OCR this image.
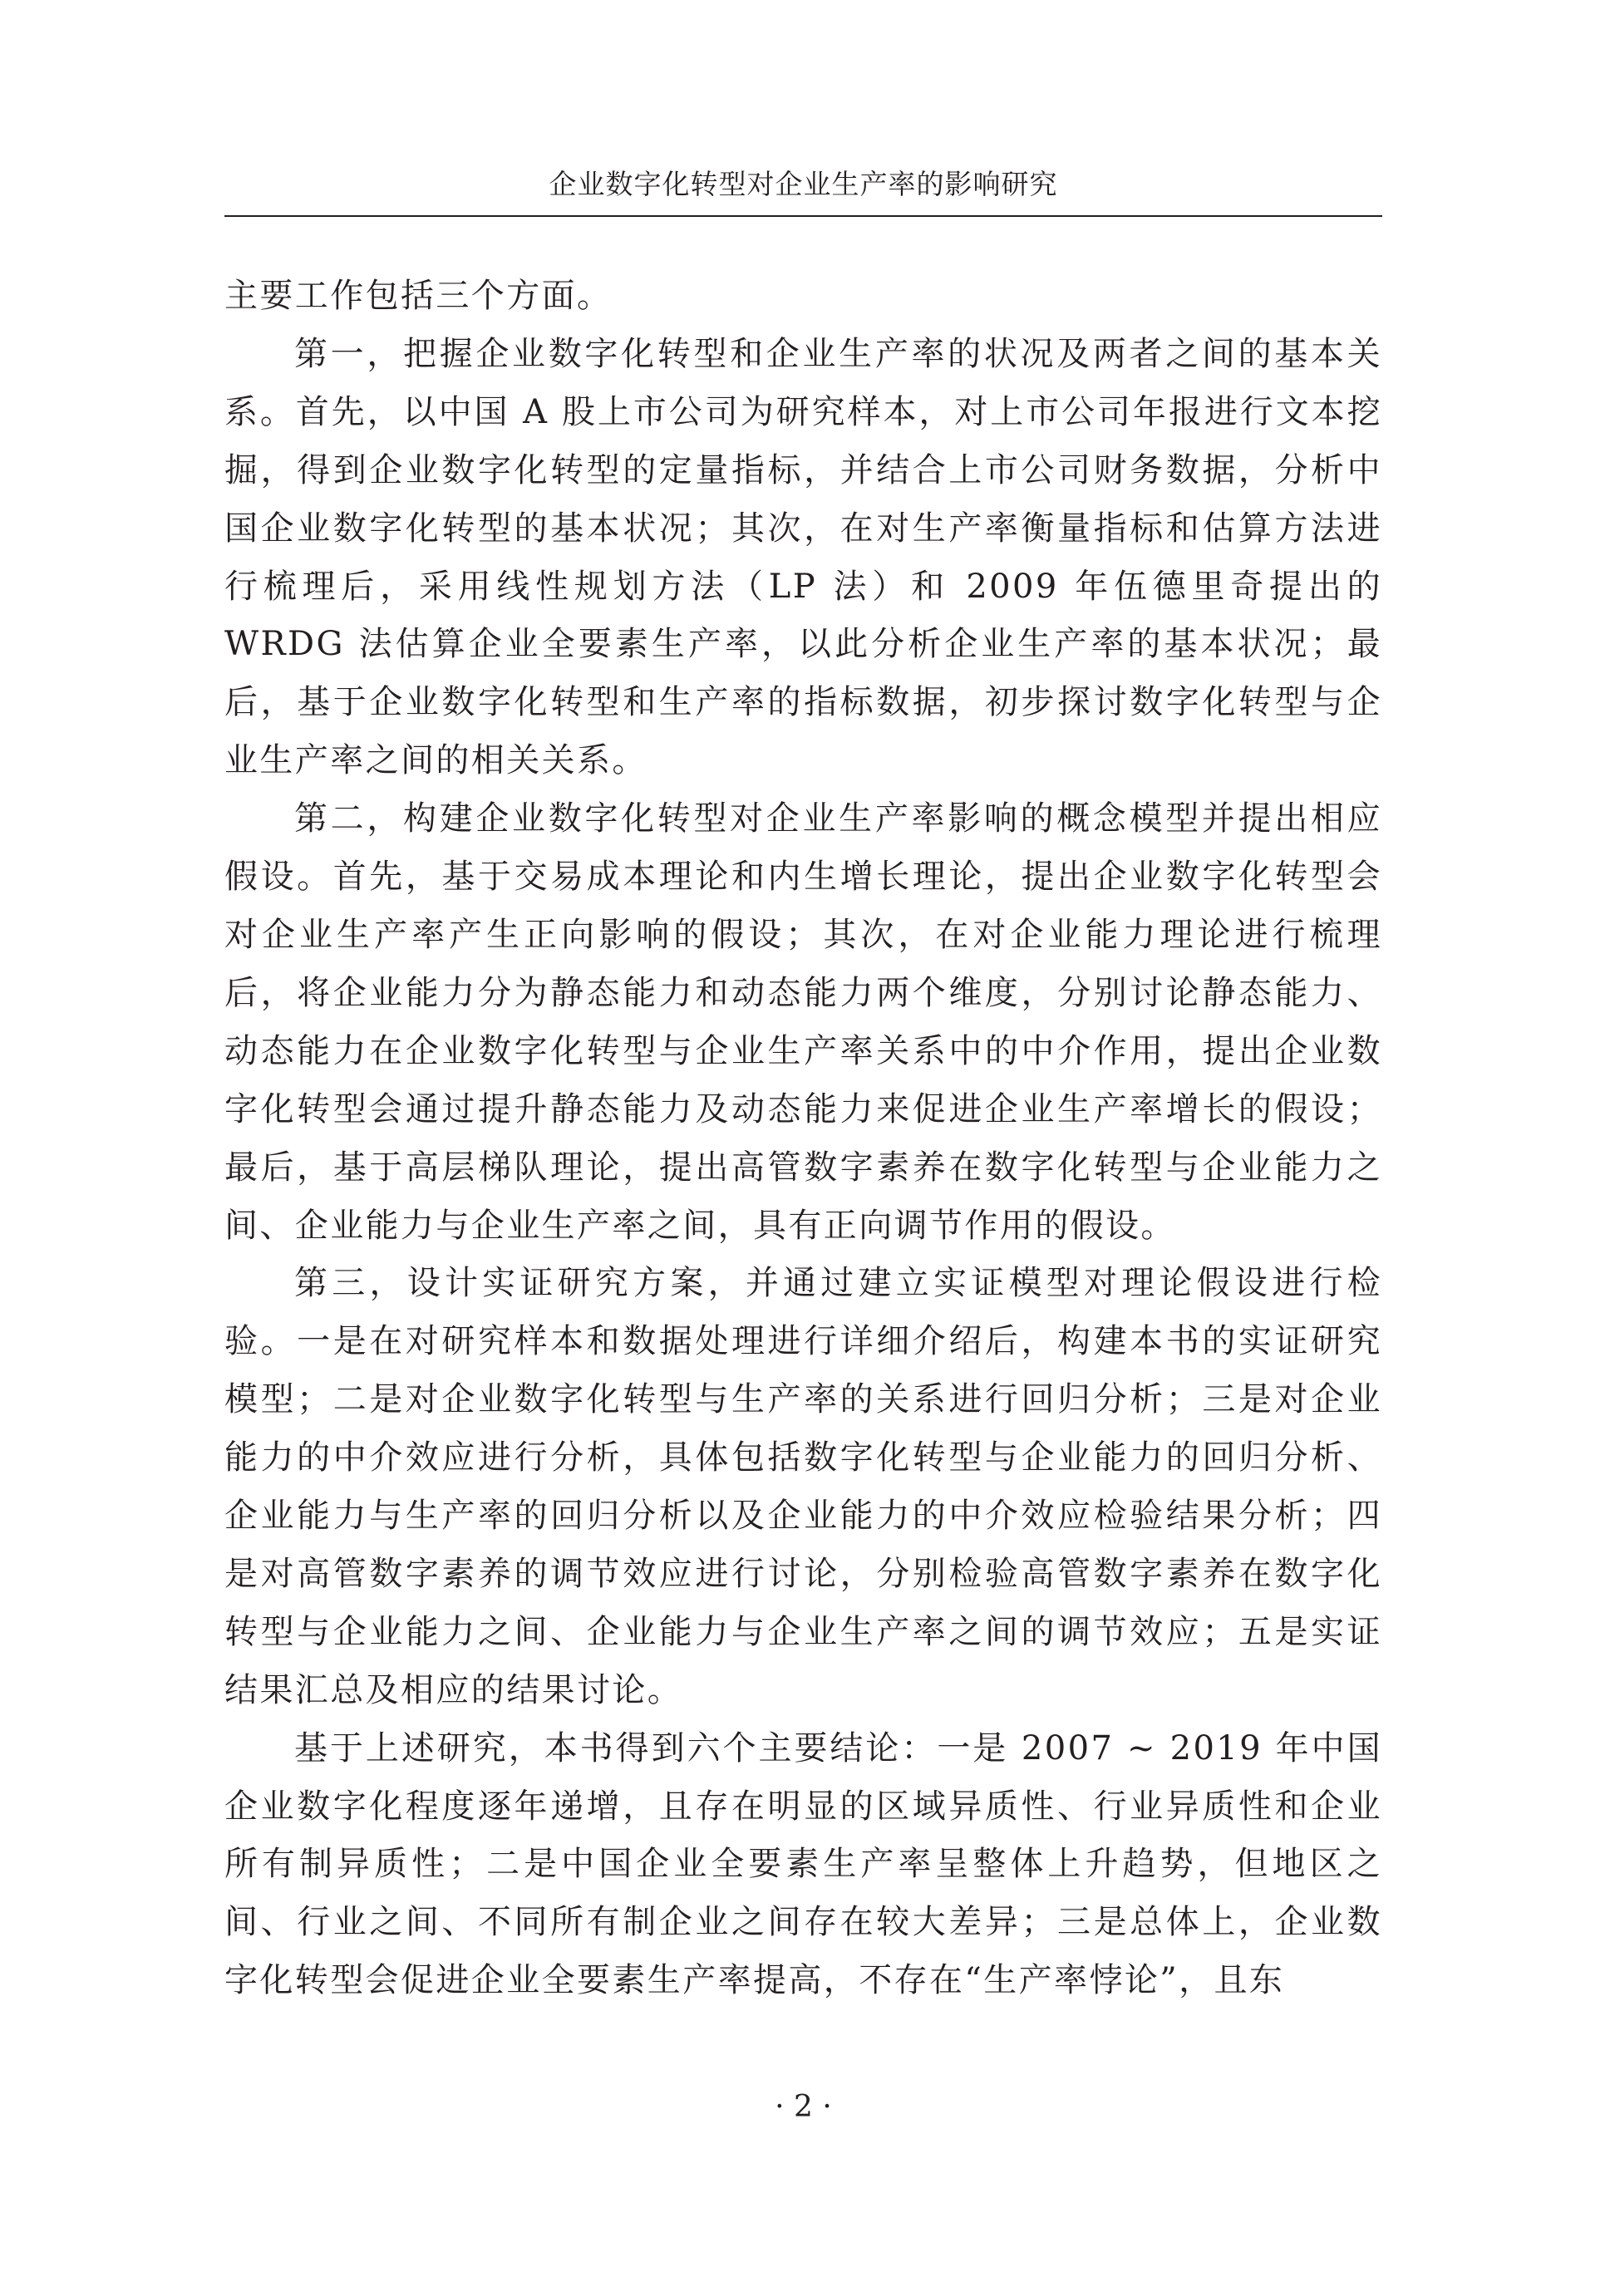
企业数字化转型对企业生产率的影响研究

主要工作包括三个方面。

第一，把握企业数字化转型和企业生产率的状况及两者之间的基本关系。首先，以中国 A 股上市公司为研究样本，对上市公司年报进行文本挖掘，得到企业数字化转型的定量指标，并结合上市公司财务数据，分析中国企业数字化转型的基本状况；其次，在对生产率衡量指标和估算方法进行梳理后，采用线性规划方法（LP 法）和 2009 年伍德里奇提出的 WRDG 法估算企业全要素生产率，以此分析企业生产率的基本状况；最后，基于企业数字化转型和生产率的指标数据，初步探讨数字化转型与企业生产率之间的相关关系。

第二，构建企业数字化转型对企业生产率影响的概念模型并提出相应假设。首先，基于交易成本理论和内生增长理论，提出企业数字化转型会对企业生产率产生正向影响的假设；其次，在对企业能力理论进行梳理后，将企业能力分为静态能力和动态能力两个维度，分别讨论静态能力、动态能力在企业数字化转型与企业生产率关系中的中介作用，提出企业数字化转型会通过提升静态能力及动态能力来促进企业生产率增长的假设；最后，基于高层梯队理论，提出高管数字素养在数字化转型与企业能力之间、企业能力与企业生产率之间，具有正向调节作用的假设。

第三，设计实证研究方案，并通过建立实证模型对理论假设进行检验。一是在对研究样本和数据处理进行详细介绍后，构建本书的实证研究模型；二是对企业数字化转型与生产率的关系进行回归分析；三是对企业能力的中介效应进行分析，具体包括数字化转型与企业能力的回归分析、企业能力与生产率的回归分析以及企业能力的中介效应检验结果分析；四是对高管数字素养的调节效应进行讨论，分别检验高管数字素养在数字化转型与企业能力之间、企业能力与企业生产率之间的调节效应；五是实证结果汇总及相应的结果讨论。

基于上述研究，本书得到六个主要结论：一是 2007 ~ 2019 年中国企业数字化程度逐年递增，且存在明显的区域异质性、行业异质性和企业所有制异质性；二是中国企业全要素生产率呈整体上升趋势，但地区之间、行业之间、不同所有制企业之间存在较大差异；三是总体上，企业数字化转型会促进企业全要素生产率提高，不存在“生产率悖论”，且东

· 2 ·
